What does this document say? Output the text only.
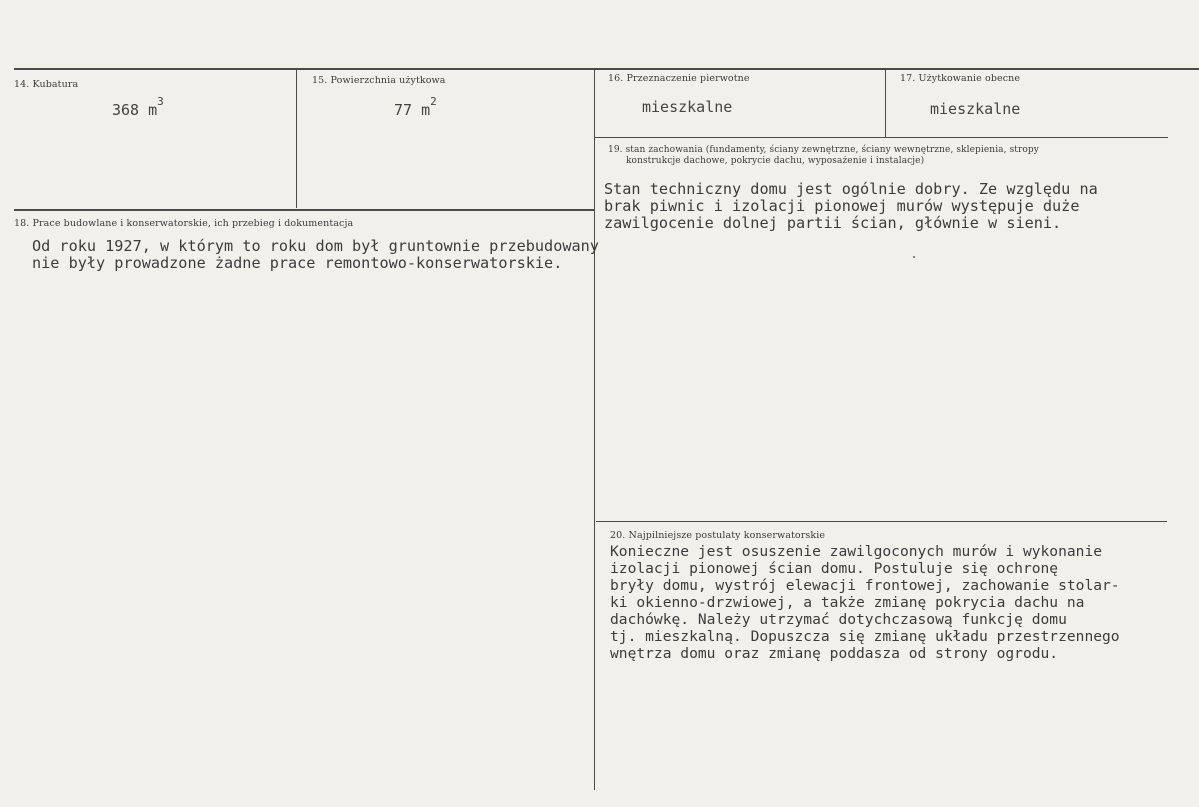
14. Kubatura
368 $m^3$
15. Powierzchnia użytkowa
77 $m^2$
16. Przeznaczenie pierwotne
mieszkalne
17. Użytkowanie obecne
mieszkalne
19. stan zachowania (fundamenty, ściany zewnętrzne, ściany wewnętrzne, sklepienia, stropy
konstrukcje dachowe, pokrycie dachu, wyposażenie i instalacje)
Stan techniczny domu jest ogólnie dobry. Ze względu na
brak piwnic i izolacji pionowej murów występuje duże
zawilgocenie dolnej partii ścian, głównie w sieni.
18. Prace budowlane i konserwatorskie, ich przebieg i dokumentacja
Od roku 1927, w którym to roku dom był gruntownie przebudowany
nie były prowadzone żadne prace remontowo-konserwatorskie.
20. Najpilniejsze postulaty konserwatorskie
Konieczne jest osuszenie zawilgoconych murów i wykonanie
izolacji pionowej ścian domu. Postuluje się ochronę
bryły domu, wystrój elewacji frontowej, zachowanie stolar-
ki okienno-drzwiowej, a także zmianę pokrycia dachu na
dachówkę. Należy utrzymać dotychczasową funkcję domu
tj. mieszkalną. Dopuszcza się zmianę układu przestrzennego
wnętrza domu oraz zmianę poddasza od strony ogrodu.
